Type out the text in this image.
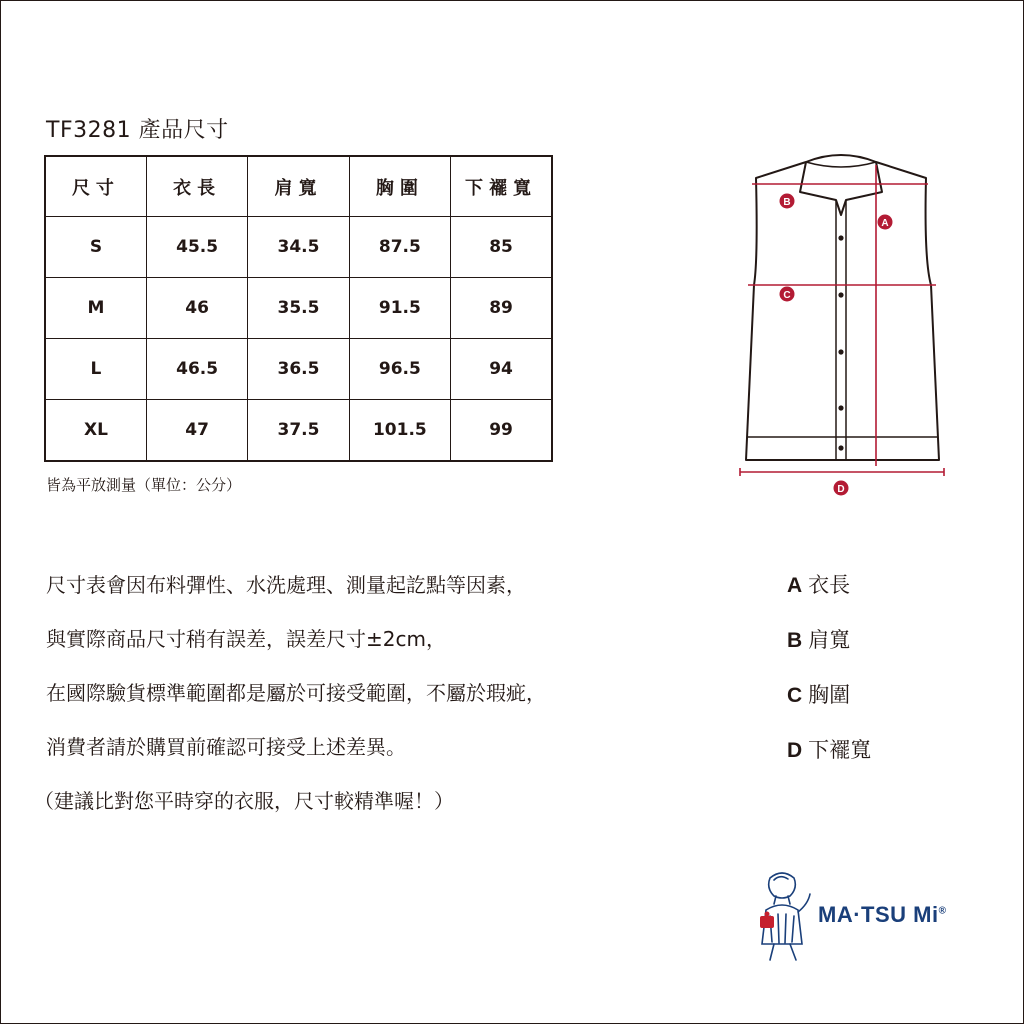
TF3281 產品尺寸
尺寸	衣長	肩寬	胸圍	下襬寬
S	45.5	34.5	87.5	85
M	46	35.5	91.5	89
L	46.5	36.5	96.5	94
XL	47	37.5	101.5	99
皆為平放測量（單位：公分）
B
A
C
D
尺寸表會因布料彈性、水洗處理、測量起訖點等因素，
與實際商品尺寸稍有誤差，誤差尺寸±2cm，
在國際驗貨標準範圍都是屬於可接受範圍，不屬於瑕疵，
消費者請於購買前確認可接受上述差異。
（建議比對您平時穿的衣服，尺寸較精準喔！）
A 衣長
B 肩寬
C 胸圍
D 下襬寬
MA·TSU Mi®
